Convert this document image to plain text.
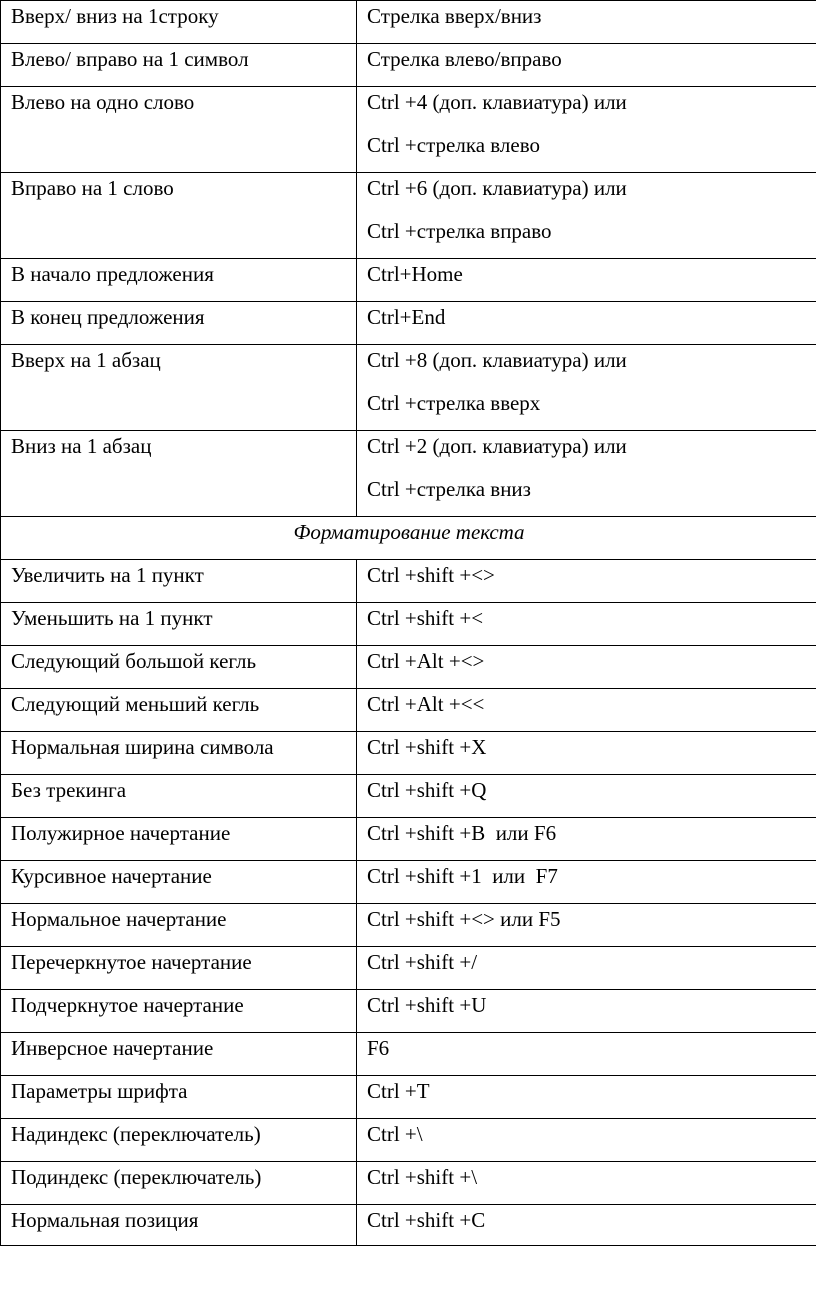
Вверх/ вниз на 1строку	Стрелка вверх/вниз
Влево/ вправо на 1 символ	Стрелка влево/вправо
Влево на одно слово	Ctrl +4 (доп. клавиатура) или
Ctrl +стрелка влево

Вправо на 1 слово	Ctrl +6 (доп. клавиатура) или
Ctrl +стрелка вправо

В начало предложения	Ctrl+Home
В конец предложения	Ctrl+End
Вверх на 1 абзац	Ctrl +8 (доп. клавиатура) или
Ctrl +стрелка вверх

Вниз на 1 абзац	Ctrl +2 (доп. клавиатура) или
Ctrl +стрелка вниз

Форматирование текста	
Увеличить на 1 пункт	Ctrl +shift +<>
Уменьшить на 1 пункт	Ctrl +shift +<
Следующий большой кегль	Ctrl +Alt +<>
Следующий меньший кегль	Ctrl +Alt +<<
Нормальная ширина символа	Ctrl +shift +X
Без трекинга	Ctrl +shift +Q
Полужирное начертание	Ctrl +shift +B  или F6
Курсивное начертание	Ctrl +shift +1  или  F7
Нормальное начертание	Ctrl +shift +<> или F5
Перечеркнутое начертание	Ctrl +shift +/
Подчеркнутое начертание	Ctrl +shift +U
Инверсное начертание	F6
Параметры шрифта	Ctrl +T
Надиндекс (переключатель)	Ctrl +\
Подиндекс (переключатель)	Ctrl +shift +\
Нормальная позиция	Ctrl +shift +C
